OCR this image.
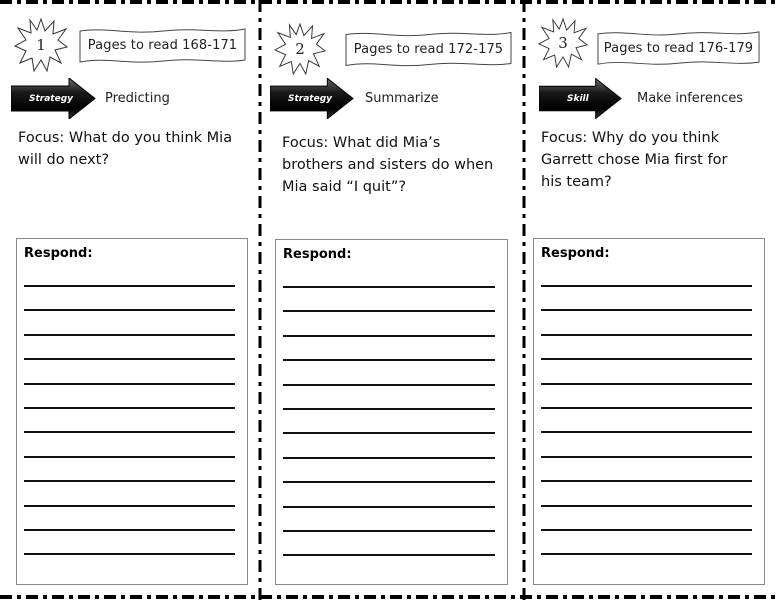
1	Pages to read 168-171
Strategy Predicting
Focus: What do you think Mia
will do next?
Respond:
2	Pages to read 172-175
Strategy	Summarize
Focus: What did Mia’s
brothers and sisters do when
Mia said “I quit”?
Respond:
3	Pages to read 176-179
Skill	Make inferences
Focus: Why do you think
Garrett chose Mia first for
his team?
Respond:
